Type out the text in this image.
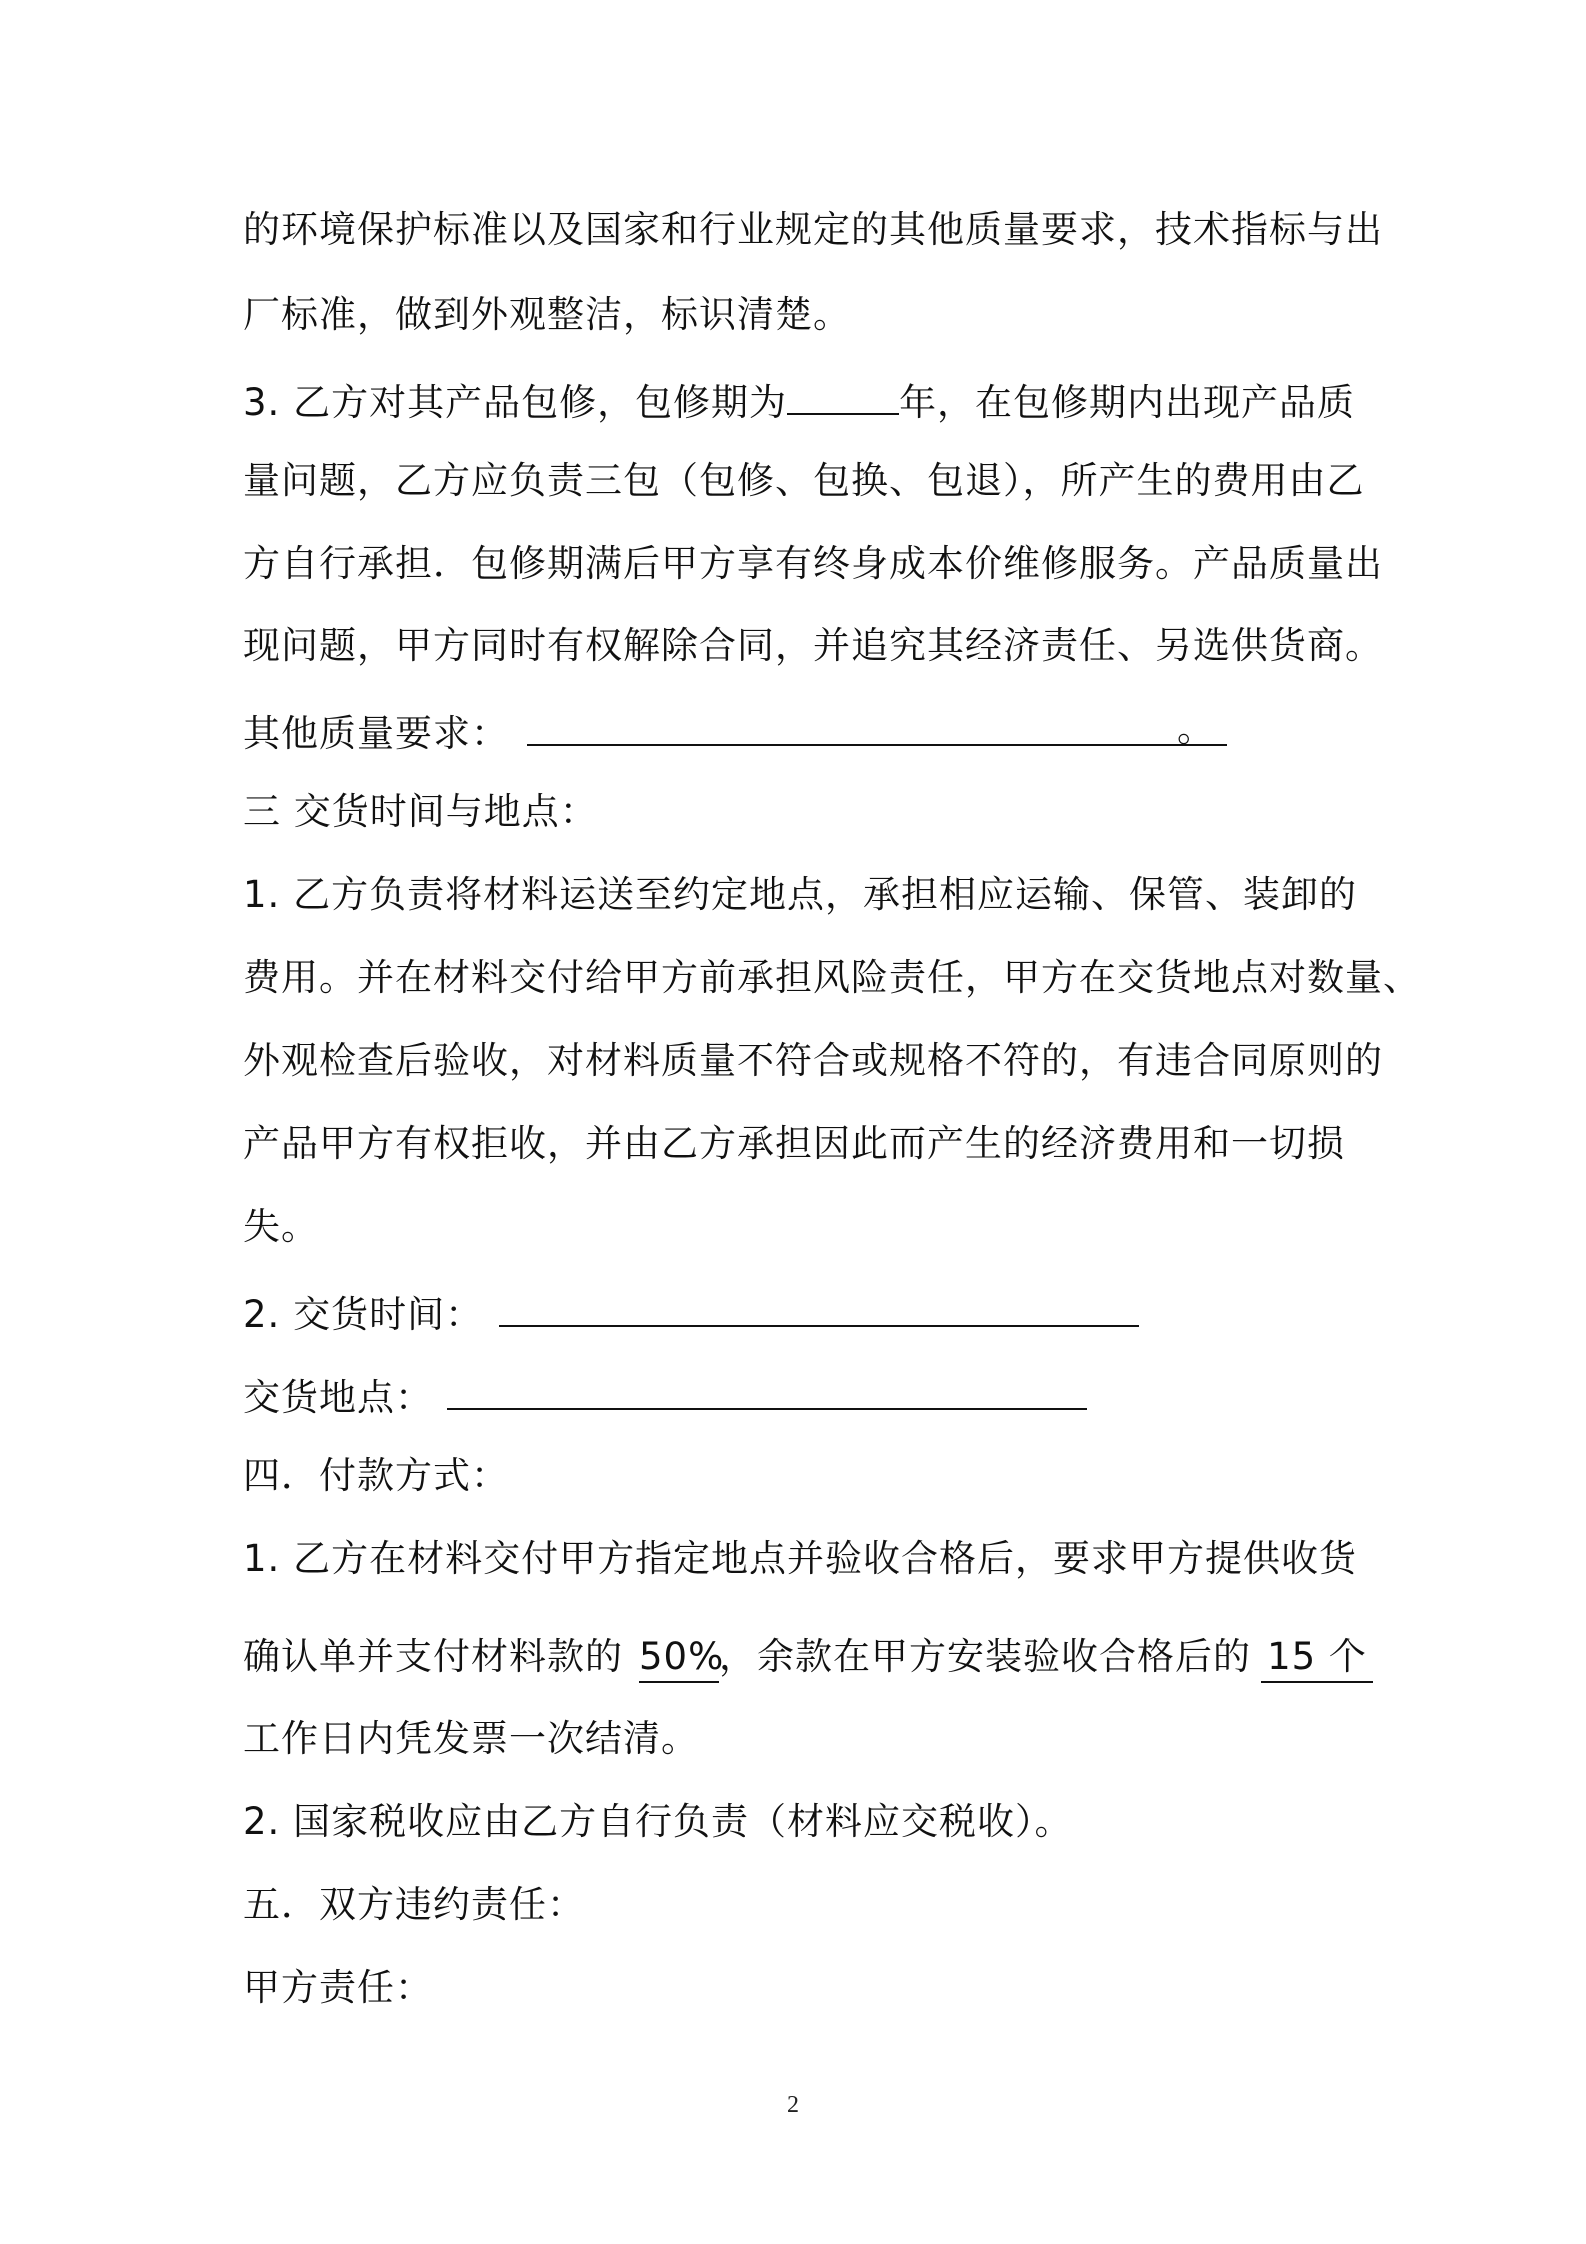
的环境保护标准以及国家和行业规定的其他质量要求，技术指标与出
厂标准，做到外观整洁，标识清楚。
3. 乙方对其产品包修，包修期为	年，在包修期内出现产品质
量问题，乙方应负责三包（包修、包换、包退），所产生的费用由乙
方自行承担．包修期满后甲方享有终身成本价维修服务。产品质量出
现问题，甲方同时有权解除合同，并追究其经济责任、另选供货商。
其他质量要求：	。
三 交货时间与地点：
1. 乙方负责将材料运送至约定地点，承担相应运输、保管、装卸的
费用。并在材料交付给甲方前承担风险责任，甲方在交货地点对数量、
外观检查后验收，对材料质量不符合或规格不符的，有违合同原则的
产品甲方有权拒收，并由乙方承担因此而产生的经济费用和一切损
失。
2. 交货时间：
交货地点：
四．付款方式：
1. 乙方在材料交付甲方指定地点并验收合格后，要求甲方提供收货
确认单并支付材料款的 50%，余款在甲方安装验收合格后的 15 个
工作日内凭发票一次结清。
2. 国家税收应由乙方自行负责（材料应交税收）。
五．双方违约责任：
甲方责任：
2
